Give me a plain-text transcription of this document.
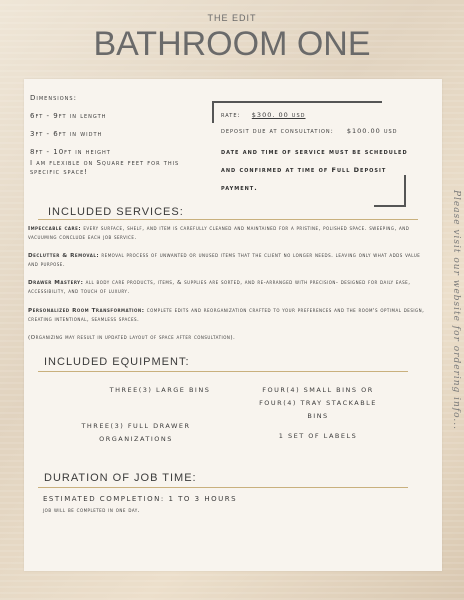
THE EDIT
BATHROOM ONE
Dimensions:
6ft - 9ft in length
3ft - 6ft in width
8ft - 10ft in height
I am flexible on Square feet for this specific space!
rate: $300. 00 usd
deposit due at consultation: $100.00 usd
date and time of service must be scheduled and confirmed at time of Full Deposit payment.
INCLUDED SERVICES:
Impeccable care: every surface, shelf, and item is carefully cleaned and maintained for a pristine, polished space. sweeping, and vacuuming conclude each job service.
Declutter & Removal: removal process of unwanted or unused items that the client no longer needs. leaving only what adds value and purpose.
Drawer Mastery: all body care products, items, & supplies are sorted, and re-arranged with precision- designed for daily ease, accessibility, and touch of luxury.
Personalized Room Transformation: complete edits and reorganization crafted to your preferences and the room's optimal design, creating intentional, seamless spaces.
(Organizing may result in updated layout of space after consultation).
INCLUDED EQUIPMENT:
THREE(3) LARGE BINS	FOUR(4) SMALL BINS OR FOUR(4) TRAY STACKABLE BINS
THREE(3) FULL DRAWER ORGANIZATIONS	1 SET OF LABELS
DURATION OF JOB TIME:
ESTIMATED COMPLETION: 1 TO 3 HOURS
job will be completed in one day.
Please visit our website for ordering info...
